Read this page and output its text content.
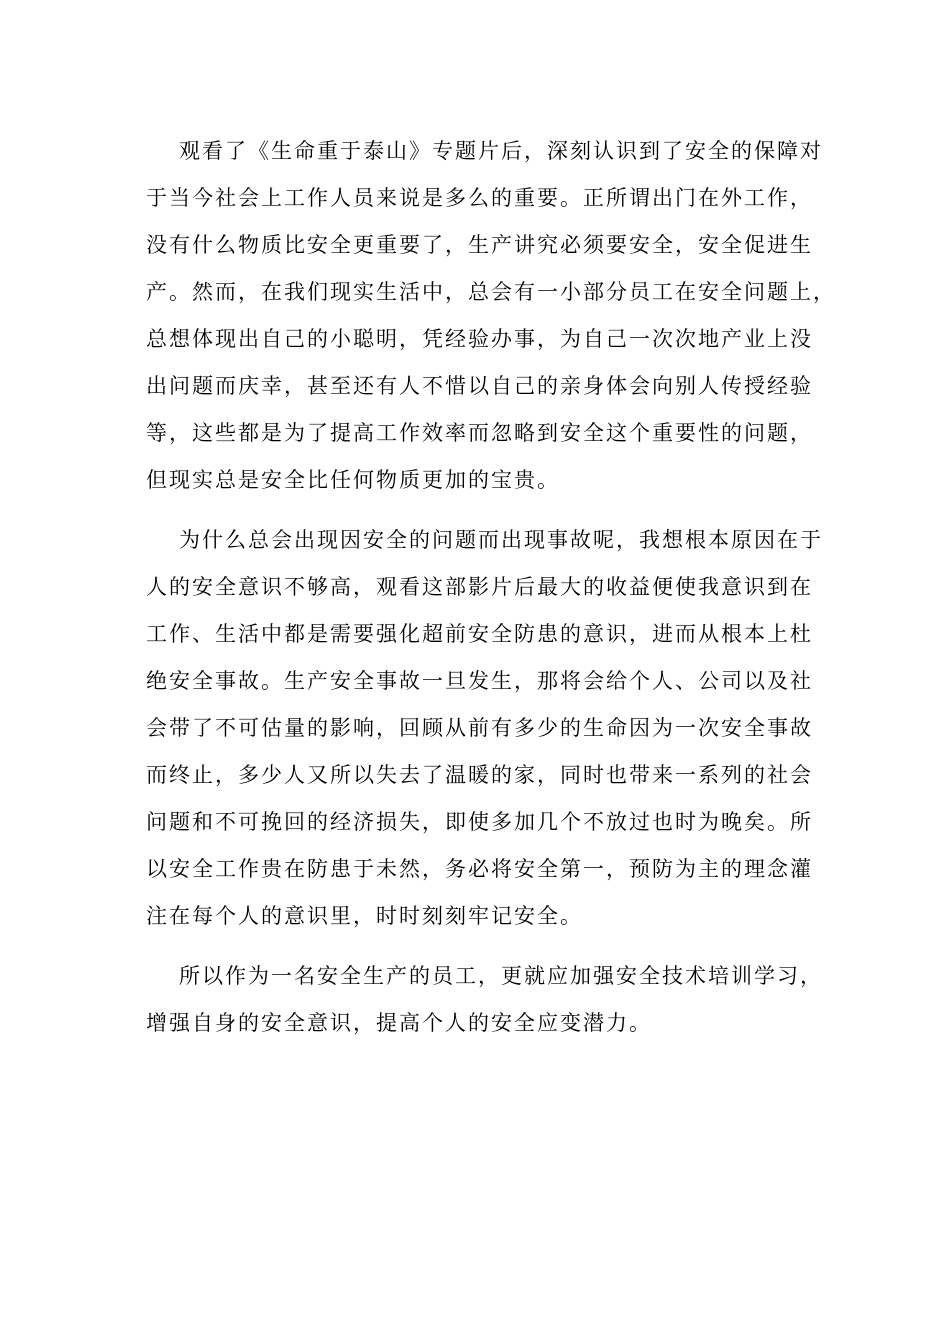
观看了《生命重于泰山》专题片后，深刻认识到了安全的保障对
于当今社会上工作人员来说是多么的重要。正所谓出门在外工作，
没有什么物质比安全更重要了，生产讲究必须要安全，安全促进生
产。然而，在我们现实生活中，总会有一小部分员工在安全问题上，
总想体现出自己的小聪明，凭经验办事，为自己一次次地产业上没
出问题而庆幸，甚至还有人不惜以自己的亲身体会向别人传授经验
等，这些都是为了提高工作效率而忽略到安全这个重要性的问题，
但现实总是安全比任何物质更加的宝贵。

为什么总会出现因安全的问题而出现事故呢，我想根本原因在于
人的安全意识不够高，观看这部影片后最大的收益便使我意识到在
工作、生活中都是需要强化超前安全防患的意识，进而从根本上杜
绝安全事故。生产安全事故一旦发生，那将会给个人、公司以及社
会带了不可估量的影响，回顾从前有多少的生命因为一次安全事故
而终止，多少人又所以失去了温暖的家，同时也带来一系列的社会
问题和不可挽回的经济损失，即使多加几个不放过也时为晚矣。所
以安全工作贵在防患于未然，务必将安全第一，预防为主的理念灌
注在每个人的意识里，时时刻刻牢记安全。

所以作为一名安全生产的员工，更就应加强安全技术培训学习，
增强自身的安全意识，提高个人的安全应变潜力。
